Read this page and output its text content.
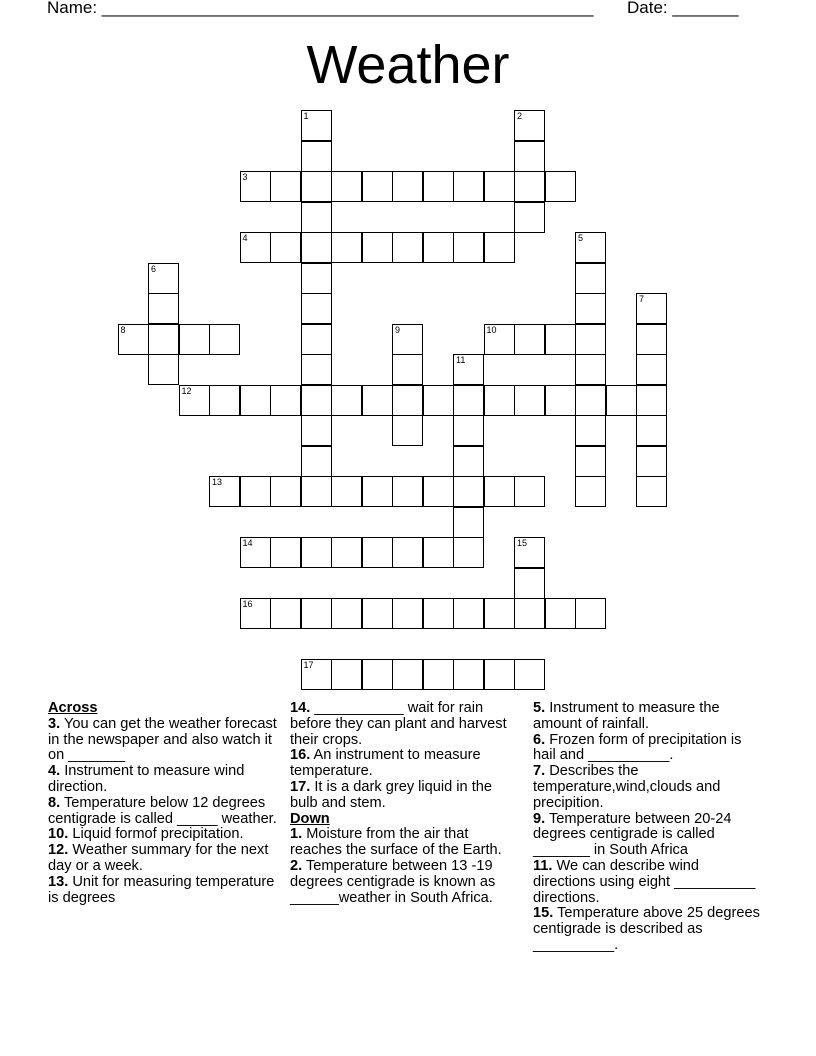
Name: ____________________________________________________ Date: _______
Weather
1	2
3
4	5
6
7
8	9	10
11
12
13
14	15
16
17
Across
3. You can get the weather forecast in the newspaper and also watch it on _______
4. Instrument to measure wind direction.
8. Temperature below 12 degrees centigrade is called _____ weather.
10. Liquid formof precipitation.
12. Weather summary for the next day or a week.
13. Unit for measuring temperature is degrees
14. ___________ wait for rain before they can plant and harvest their crops.
16. An instrument to measure temperature.
17. It is a dark grey liquid in the bulb and stem.
Down
1. Moisture from the air that reaches the surface of the Earth.
2. Temperature between 13 -19 degrees centigrade is known as ______weather in South Africa.
5. Instrument to measure the amount of rainfall.
6. Frozen form of precipitation is hail and __________.
7. Describes the temperature,wind,clouds and precipition.
9. Temperature between 20-24 degrees centigrade is called _______ in South Africa
11. We can describe wind directions using eight __________ directions.
15. Temperature above 25 degrees centigrade is described as __________.
